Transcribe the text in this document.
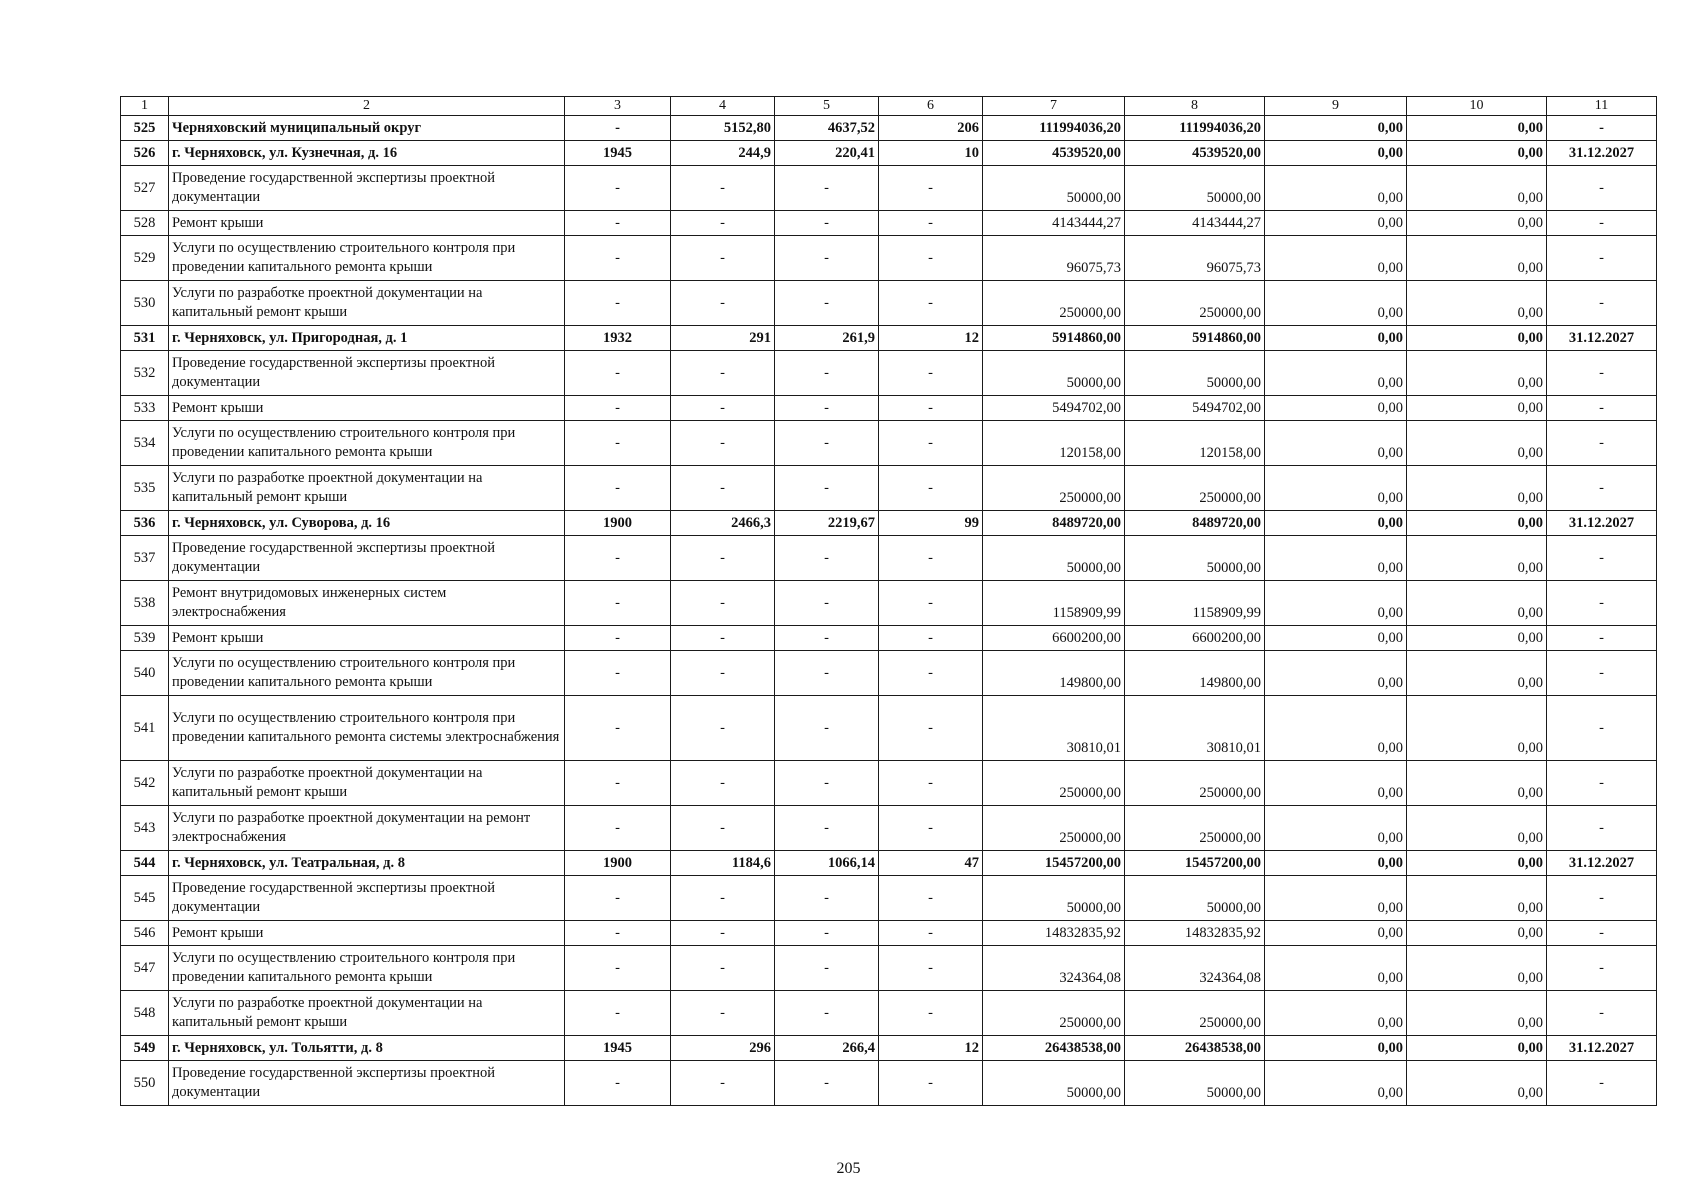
1	2	3	4	5	6	7	8	9	10	11
525	Черняховский муниципальный округ	-	5152,80	4637,52	206	111994036,20	111994036,20	0,00	0,00	-
526	г. Черняховск, ул. Кузнечная, д. 16	1945	244,9	220,41	10	4539520,00	4539520,00	0,00	0,00	31.12.2027
527	Проведение государственной экспертизы проектной документации	-	-	-	-	50000,00	50000,00	0,00	0,00	-
528	Ремонт крыши	-	-	-	-	4143444,27	4143444,27	0,00	0,00	-
529	Услуги по осуществлению строительного контроля при проведении капитального ремонта крыши	-	-	-	-	96075,73	96075,73	0,00	0,00	-
530	Услуги по разработке проектной документации на капитальный ремонт крыши	-	-	-	-	250000,00	250000,00	0,00	0,00	-
531	г. Черняховск, ул. Пригородная, д. 1	1932	291	261,9	12	5914860,00	5914860,00	0,00	0,00	31.12.2027
532	Проведение государственной экспертизы проектной документации	-	-	-	-	50000,00	50000,00	0,00	0,00	-
533	Ремонт крыши	-	-	-	-	5494702,00	5494702,00	0,00	0,00	-
534	Услуги по осуществлению строительного контроля при проведении капитального ремонта крыши	-	-	-	-	120158,00	120158,00	0,00	0,00	-
535	Услуги по разработке проектной документации на капитальный ремонт крыши	-	-	-	-	250000,00	250000,00	0,00	0,00	-
536	г. Черняховск, ул. Суворова, д. 16	1900	2466,3	2219,67	99	8489720,00	8489720,00	0,00	0,00	31.12.2027
537	Проведение государственной экспертизы проектной документации	-	-	-	-	50000,00	50000,00	0,00	0,00	-
538	Ремонт внутридомовых инженерных систем электроснабжения	-	-	-	-	1158909,99	1158909,99	0,00	0,00	-
539	Ремонт крыши	-	-	-	-	6600200,00	6600200,00	0,00	0,00	-
540	Услуги по осуществлению строительного контроля при проведении капитального ремонта крыши	-	-	-	-	149800,00	149800,00	0,00	0,00	-
541	Услуги по осуществлению строительного контроля при проведении капитального ремонта системы электроснабжения	-	-	-	-	30810,01	30810,01	0,00	0,00	-
542	Услуги по разработке проектной документации на капитальный ремонт крыши	-	-	-	-	250000,00	250000,00	0,00	0,00	-
543	Услуги по разработке проектной документации на ремонт электроснабжения	-	-	-	-	250000,00	250000,00	0,00	0,00	-
544	г. Черняховск, ул. Театральная, д. 8	1900	1184,6	1066,14	47	15457200,00	15457200,00	0,00	0,00	31.12.2027
545	Проведение государственной экспертизы проектной документации	-	-	-	-	50000,00	50000,00	0,00	0,00	-
546	Ремонт крыши	-	-	-	-	14832835,92	14832835,92	0,00	0,00	-
547	Услуги по осуществлению строительного контроля при проведении капитального ремонта крыши	-	-	-	-	324364,08	324364,08	0,00	0,00	-
548	Услуги по разработке проектной документации на капитальный ремонт крыши	-	-	-	-	250000,00	250000,00	0,00	0,00	-
549	г. Черняховск, ул. Тольятти, д. 8	1945	296	266,4	12	26438538,00	26438538,00	0,00	0,00	31.12.2027
550	Проведение государственной экспертизы проектной документации	-	-	-	-	50000,00	50000,00	0,00	0,00	-
205
